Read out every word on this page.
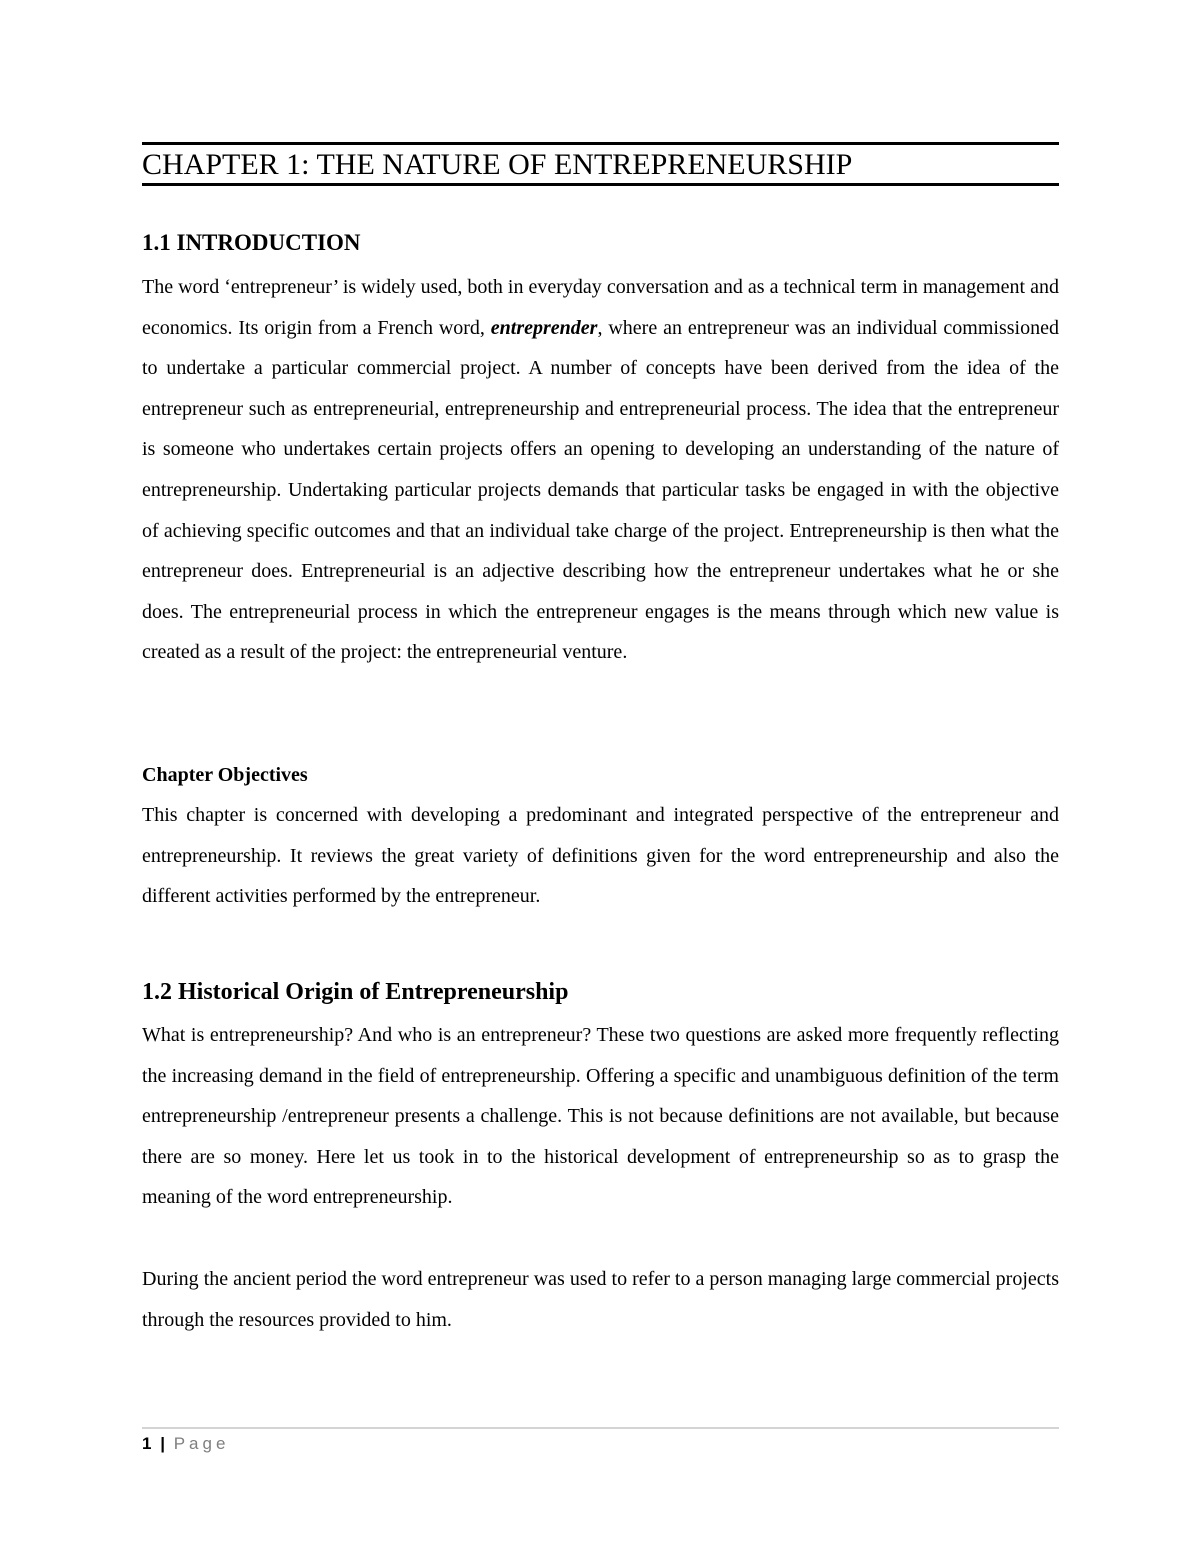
CHAPTER 1: THE NATURE OF ENTREPRENEURSHIP
1.1 INTRODUCTION

The word ‘entrepreneur’ is widely used, both in everyday conversation and as a technical term in management and economics. Its origin from a French word, entreprender, where an entrepreneur was an individual commissioned to undertake a particular commercial project. A number of concepts have been derived from the idea of the entrepreneur such as entrepreneurial, entrepreneurship and entrepreneurial process. The idea that the entrepreneur is someone who undertakes certain projects offers an opening to developing an understanding of the nature of entrepreneurship. Undertaking particular projects demands that particular tasks be engaged in with the objective of achieving specific outcomes and that an individual take charge of the project. Entrepreneurship is then what the entrepreneur does. Entrepreneurial is an adjective describing how the entrepreneur undertakes what he or she does. The entrepreneurial process in which the entrepreneur engages is the means through which new value is created as a result of the project: the entrepreneurial venture.

Chapter Objectives

This chapter is concerned with developing a predominant and integrated perspective of the entrepreneur and entrepreneurship. It reviews the great variety of definitions given for the word entrepreneurship and also the different activities performed by the entrepreneur.

1.2 Historical Origin of Entrepreneurship

What is entrepreneurship? And who is an entrepreneur? These two questions are asked more frequently reflecting the increasing demand in the field of entrepreneurship. Offering a specific and unambiguous definition of the term entrepreneurship /entrepreneur presents a challenge. This is not because definitions are not available, but because there are so money. Here let us took in to the historical development of entrepreneurship so as to grasp the meaning of the word entrepreneurship.

During the ancient period the word entrepreneur was used to refer to a person managing large commercial projects through the resources provided to him.

1 | Page
